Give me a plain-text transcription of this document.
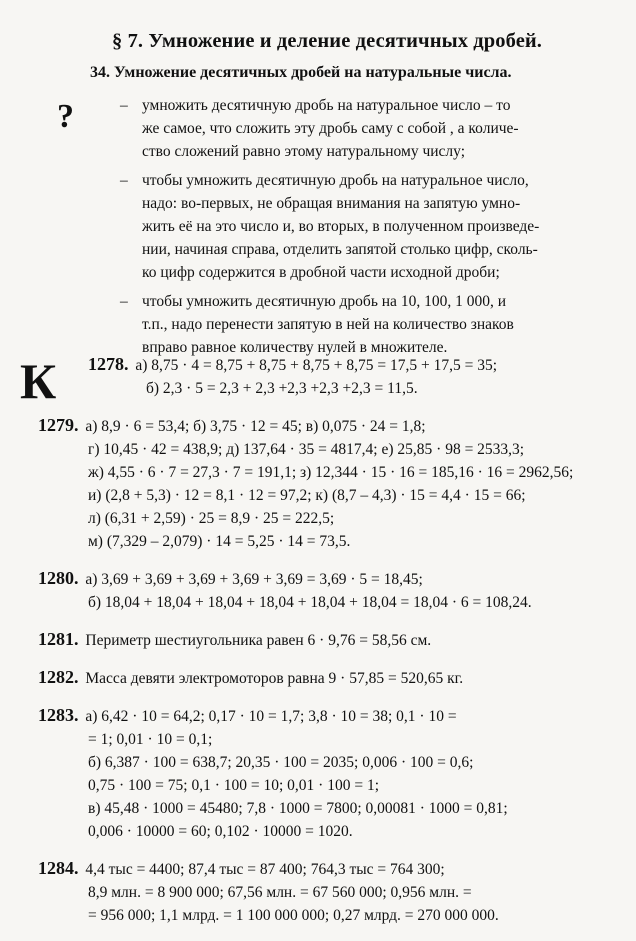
§ 7. Умножение и деление десятичных дробей.
34. Умножение десятичных дробей на натуральные числа.
?
К
– умножить десятичную дробь на натуральное число – то
же самое, что сложить эту дробь саму с собой , а количе-
ство сложений равно этому натуральному числу;
– чтобы умножить десятичную дробь на натуральное число,
надо: во-первых, не обращая внимания на запятую умно-
жить её на это число и, во вторых, в полученном произведе-
нии, начиная справа, отделить запятой столько цифр, сколь-
ко цифр содержится в дробной части исходной дроби;
– чтобы умножить десятичную дробь на 10, 100, 1 000, и
т.п., надо перенести запятую в ней на количество знаков
вправо равное количеству нулей в множителе.
1278. а) 8,75 · 4 = 8,75 + 8,75 + 8,75 + 8,75 = 17,5 + 17,5 = 35;
б) 2,3 · 5 = 2,3 + 2,3 +2,3 +2,3 +2,3 = 11,5.
1279. а) 8,9 · 6 = 53,4; б) 3,75 · 12 = 45; в) 0,075 · 24 = 1,8;
г) 10,45 · 42 = 438,9; д) 137,64 · 35 = 4817,4; е) 25,85 · 98 = 2533,3;
ж) 4,55 · 6 · 7 = 27,3 · 7 = 191,1; з) 12,344 · 15 · 16 = 185,16 · 16 = 2962,56;
и) (2,8 + 5,3) · 12 = 8,1 · 12 = 97,2; к) (8,7 – 4,3) · 15 = 4,4 · 15 = 66;
л) (6,31 + 2,59) · 25 = 8,9 · 25 = 222,5;
м) (7,329 – 2,079) · 14 = 5,25 · 14 = 73,5.
1280. а) 3,69 + 3,69 + 3,69 + 3,69 + 3,69 = 3,69 · 5 = 18,45;
б) 18,04 + 18,04 + 18,04 + 18,04 + 18,04 + 18,04 = 18,04 · 6 = 108,24.
1281. Периметр шестиугольника равен 6 · 9,76 = 58,56 см.
1282. Масса девяти электромоторов равна 9 · 57,85 = 520,65 кг.
1283. а) 6,42 · 10 = 64,2; 0,17 · 10 = 1,7; 3,8 · 10 = 38; 0,1 · 10 =
= 1; 0,01 · 10 = 0,1;
б) 6,387 · 100 = 638,7; 20,35 · 100 = 2035; 0,006 · 100 = 0,6;
0,75 · 100 = 75; 0,1 · 100 = 10; 0,01 · 100 = 1;
в) 45,48 · 1000 = 45480; 7,8 · 1000 = 7800; 0,00081 · 1000 = 0,81;
0,006 · 10000 = 60; 0,102 · 10000 = 1020.
1284. 4,4 тыс = 4400; 87,4 тыс = 87 400; 764,3 тыс = 764 300;
8,9 млн. = 8 900 000; 67,56 млн. = 67 560 000; 0,956 млн. =
= 956 000; 1,1 млрд. = 1 100 000 000; 0,27 млрд. = 270 000 000.
